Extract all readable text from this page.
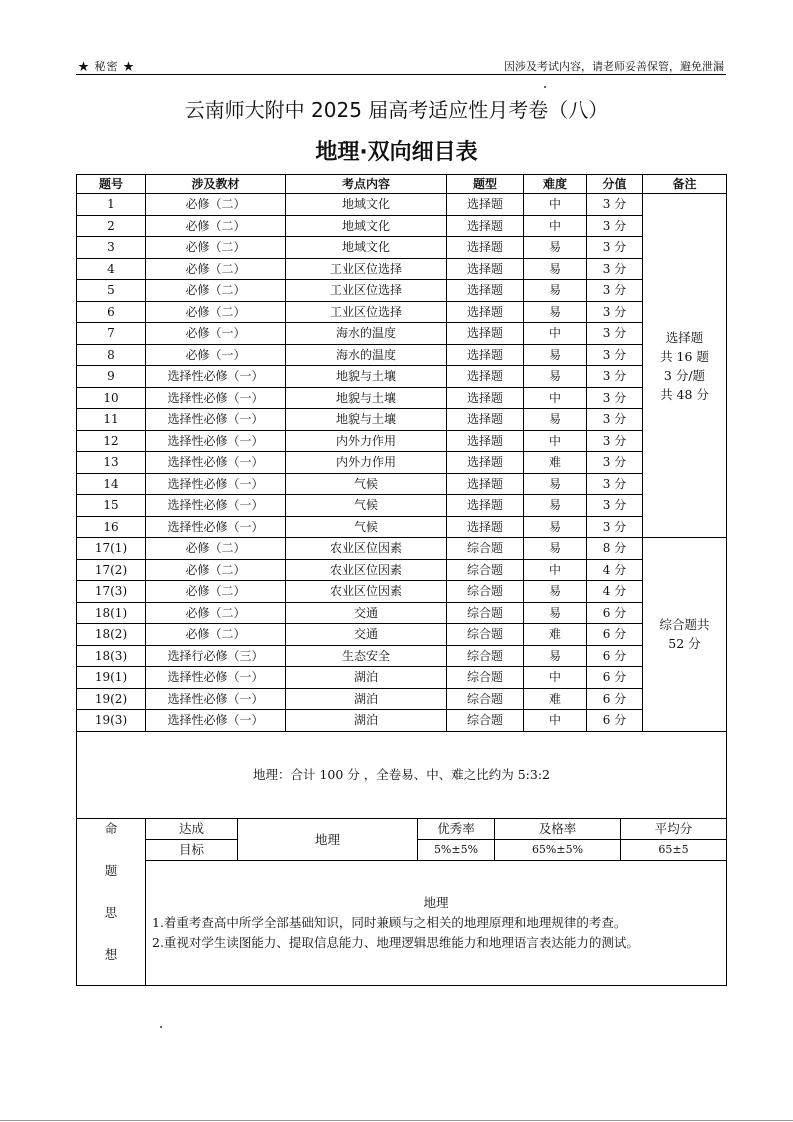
★ 秘密 ★	因涉及考试内容，请老师妥善保管，避免泄漏
云南师大附中 2025 届高考适应性月考卷（八）
地理·双向细目表
题号	涉及教材	考点内容	题型	难度	分值	备注
1	必修（二）	地域文化	选择题	中	3 分	选择题
共 16 题
3 分/题
共 48 分

2	必修（二）	地域文化	选择题	中	3 分	
3	必修（二）	地域文化	选择题	易	3 分	
4	必修（二）	工业区位选择	选择题	易	3 分	
5	必修（二）	工业区位选择	选择题	易	3 分	
6	必修（二）	工业区位选择	选择题	易	3 分	
7	必修（一）	海水的温度	选择题	中	3 分	
8	必修（一）	海水的温度	选择题	易	3 分	
9	选择性必修（一）	地貌与土壤	选择题	易	3 分	
10	选择性必修（一）	地貌与土壤	选择题	中	3 分	
11	选择性必修（一）	地貌与土壤	选择题	易	3 分	
12	选择性必修（一）	内外力作用	选择题	中	3 分	
13	选择性必修（一）	内外力作用	选择题	难	3 分	
14	选择性必修（一）	气候	选择题	易	3 分	
15	选择性必修（一）	气候	选择题	易	3 分	
16	选择性必修（一）	气候	选择题	易	3 分	
17(1)	必修（二）	农业区位因素	综合题	易	8 分	综合题共
52 分

17(2)	必修（二）	农业区位因素	综合题	中	4 分	
17(3)	必修（二）	农业区位因素	综合题	易	4 分	
18(1)	必修（二）	交通	综合题	易	6 分	
18(2)	必修（二）	交通	综合题	难	6 分	
18(3)	选择行必修（三）	生态安全	综合题	易	6 分	
19(1)	选择性必修（一）	湖泊	综合题	中	6 分	
19(2)	选择性必修（一）	湖泊	综合题	难	6 分	
19(3)	选择性必修（一）	湖泊	综合题	中	6 分	
地理：合计 100 分 ，全卷易、中、难之比约为 5:3:2						
命
题
思
想	达成	地理	优秀率	及格率	平均分
	目标		5%±5%	65%±5%	65±5

	地理
1.着重考查高中所学全部基础知识，同时兼顾与之相关的地理原理和地理规律的考查。
2.重视对学生读图能力、提取信息能力、地理逻辑思维能力和地理语言表达能力的测试。				
